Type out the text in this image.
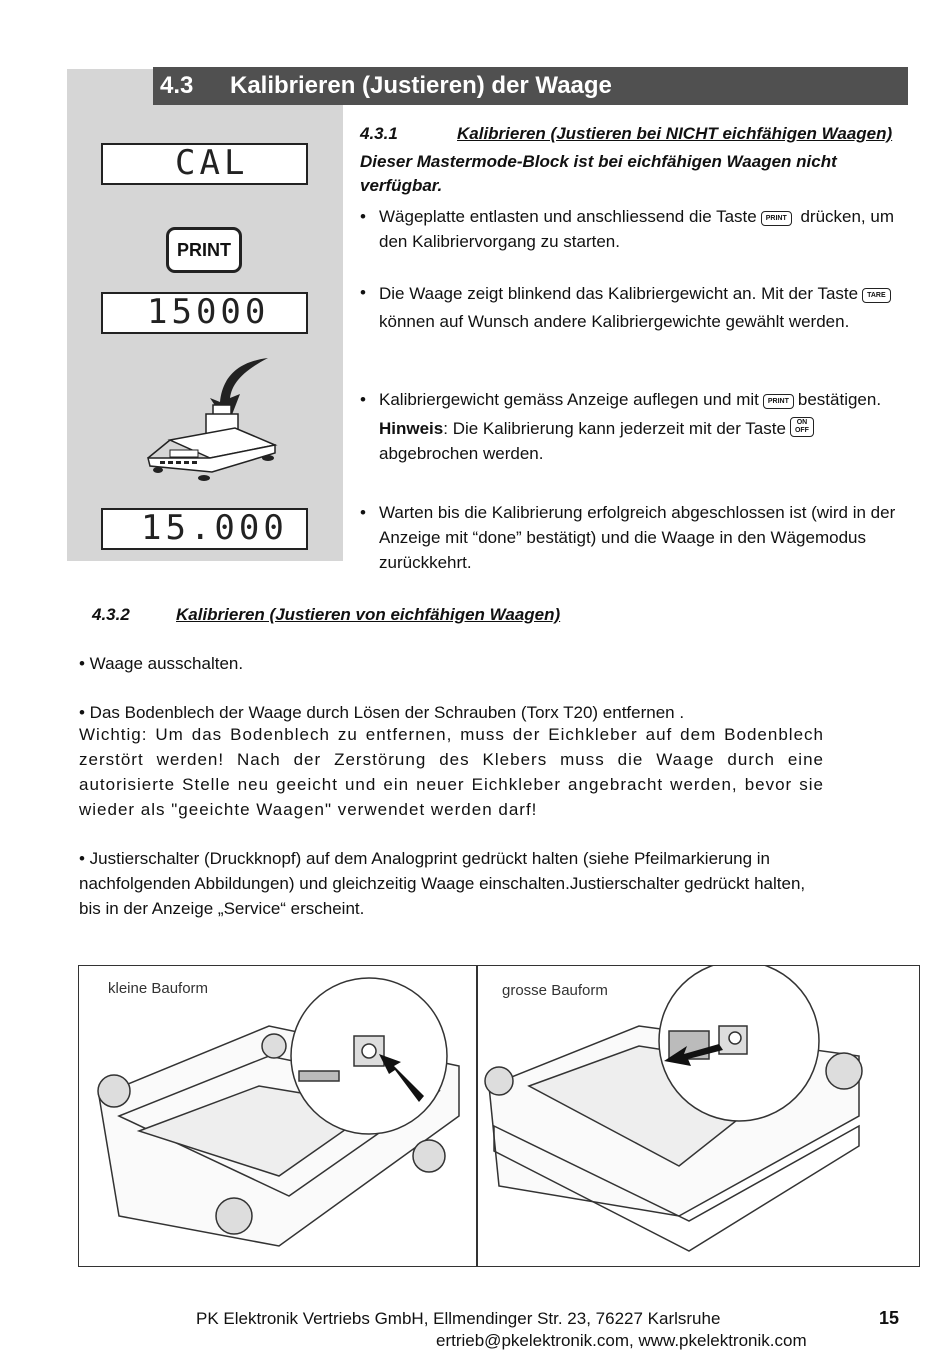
4.3 Kalibrieren (Justieren) der Waage
CAL
PRINT
15000
15.000
4.3.1	Kalibrieren (Justieren bei NICHT eichfähigen Waagen)
Dieser Mastermode-Block ist bei eichfähigen Waagen nicht verfügbar.
• Wägeplatte entlasten und anschliessend die Taste PRINT drücken, um den Kalibriervorgang zu starten.
• Die Waage zeigt blinkend das Kalibriergewicht an. Mit der Taste TARE können auf Wunsch andere Kalibriergewichte gewählt werden.
• Kalibriergewicht gemäss Anzeige auflegen und mit PRINT bestätigen.
Hinweis: Die Kalibrierung kann jederzeit mit der Taste ON
OFF abgebrochen werden.
• Warten bis die Kalibrierung erfolgreich abgeschlossen ist (wird in der Anzeige mit “done” bestätigt) und die Waage in den Wägemodus zurückkehrt.
4.3.2	Kalibrieren (Justieren von eichfähigen Waagen)
• Waage ausschalten.
• Das Bodenblech der Waage durch Lösen der Schrauben (Torx T20) entfernen .
Wichtig: Um das Bodenblech zu entfernen, muss der Eichkleber auf dem Bodenblech zerstört werden! Nach der Zerstörung des Klebers muss die Waage durch eine autorisierte Stelle neu geeicht und ein neuer Eichkleber angebracht werden, bevor sie wieder als "geeichte Waagen" verwendet werden darf!
• Justierschalter (Druckknopf) auf dem Analogprint gedrückt halten (siehe Pfeilmarkierung in nachfolgenden Abbildungen) und gleichzeitig Waage einschalten.Justierschalter gedrückt halten, bis in der Anzeige „Service“ erscheint.
kleine Bauform	grosse Bauform
PK Elektronik Vertriebs GmbH, Ellmendinger Str. 23, 76227 Karlsruhe
ertrieb@pkelektronik.com, www.pkelektronik.com
15
